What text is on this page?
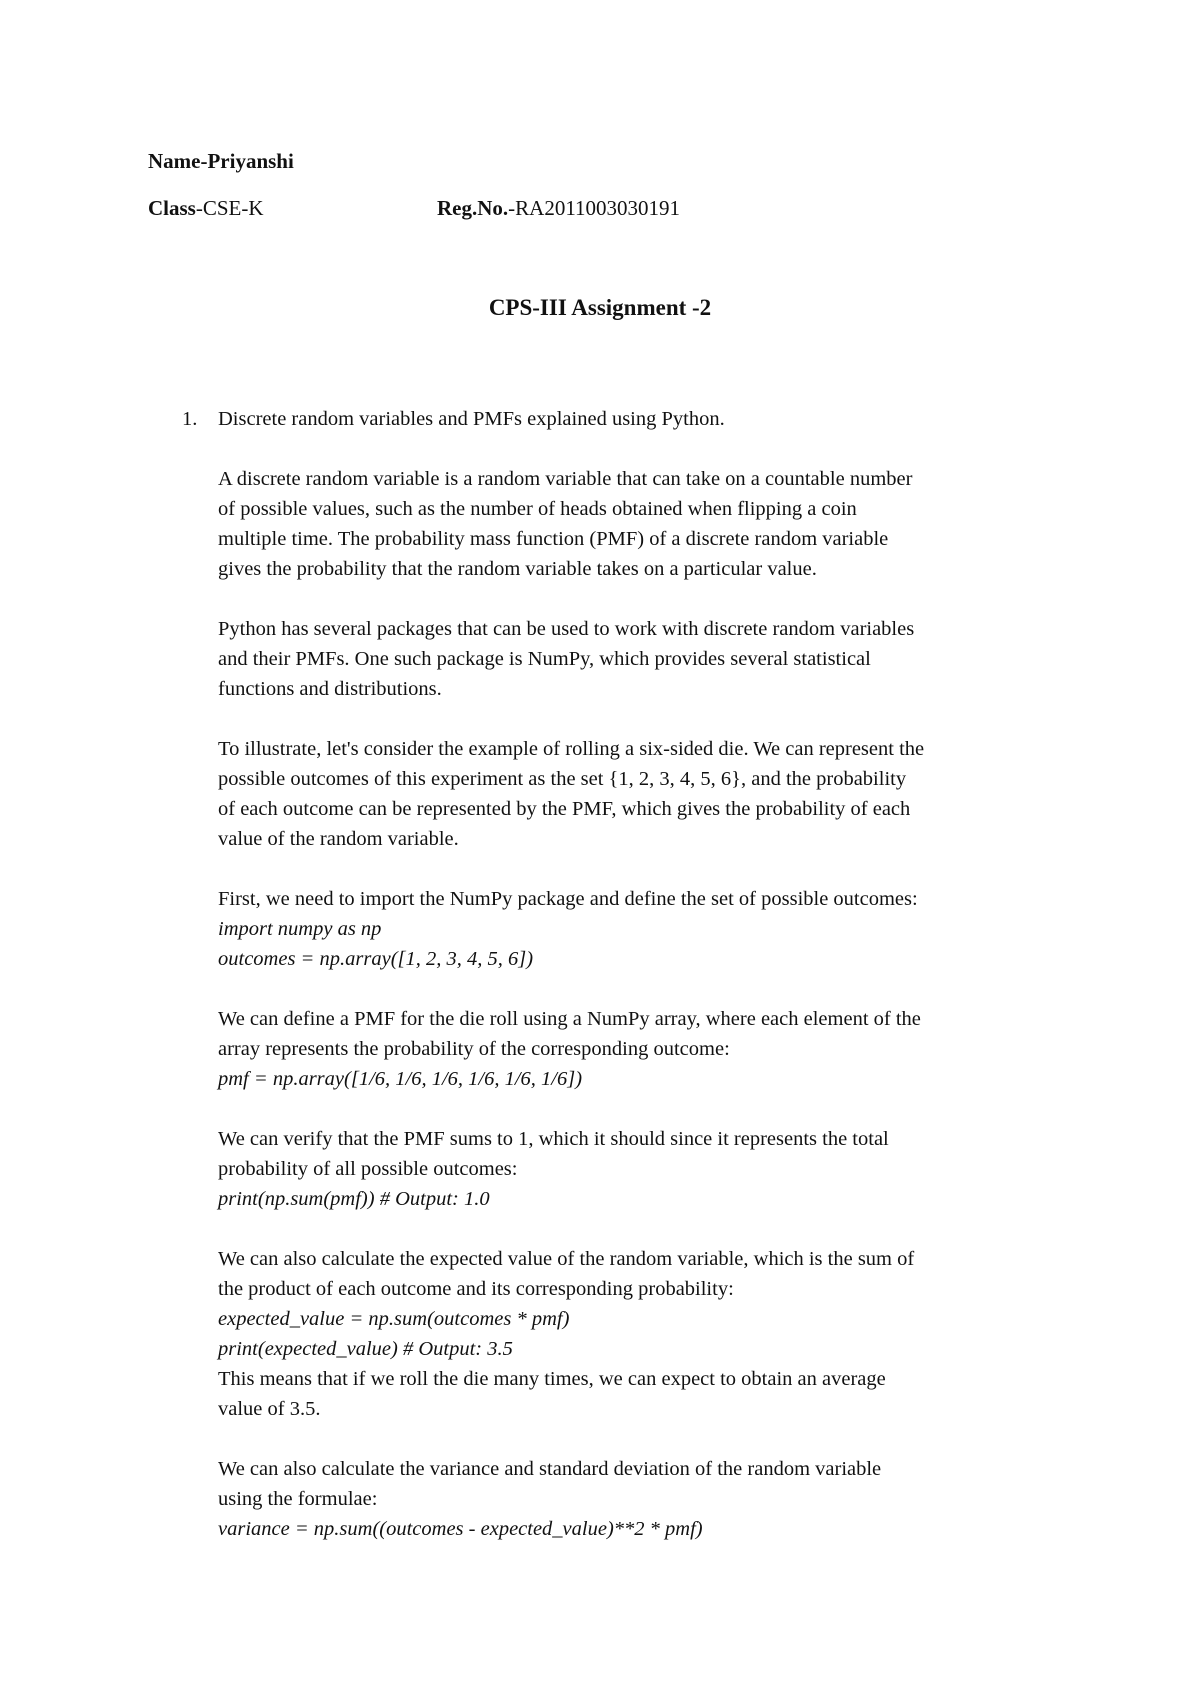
Name-Priyanshi
Class-CSE-K	Reg.No.-RA2011003030191
CPS-III Assignment -2
1. Discrete random variables and PMFs explained using Python.
A discrete random variable is a random variable that can take on a countable number
of possible values, such as the number of heads obtained when flipping a coin
multiple time. The probability mass function (PMF) of a discrete random variable
gives the probability that the random variable takes on a particular value.
Python has several packages that can be used to work with discrete random variables
and their PMFs. One such package is NumPy, which provides several statistical
functions and distributions.
To illustrate, let's consider the example of rolling a six-sided die. We can represent the
possible outcomes of this experiment as the set {1, 2, 3, 4, 5, 6}, and the probability
of each outcome can be represented by the PMF, which gives the probability of each
value of the random variable.
First, we need to import the NumPy package and define the set of possible outcomes:
import numpy as np
outcomes = np.array([1, 2, 3, 4, 5, 6])
We can define a PMF for the die roll using a NumPy array, where each element of the
array represents the probability of the corresponding outcome:
pmf = np.array([1/6, 1/6, 1/6, 1/6, 1/6, 1/6])
We can verify that the PMF sums to 1, which it should since it represents the total
probability of all possible outcomes:
print(np.sum(pmf)) # Output: 1.0
We can also calculate the expected value of the random variable, which is the sum of
the product of each outcome and its corresponding probability:
expected_value = np.sum(outcomes * pmf)
print(expected_value) # Output: 3.5
This means that if we roll the die many times, we can expect to obtain an average
value of 3.5.
We can also calculate the variance and standard deviation of the random variable
using the formulae:
variance = np.sum((outcomes - expected_value)**2 * pmf)
